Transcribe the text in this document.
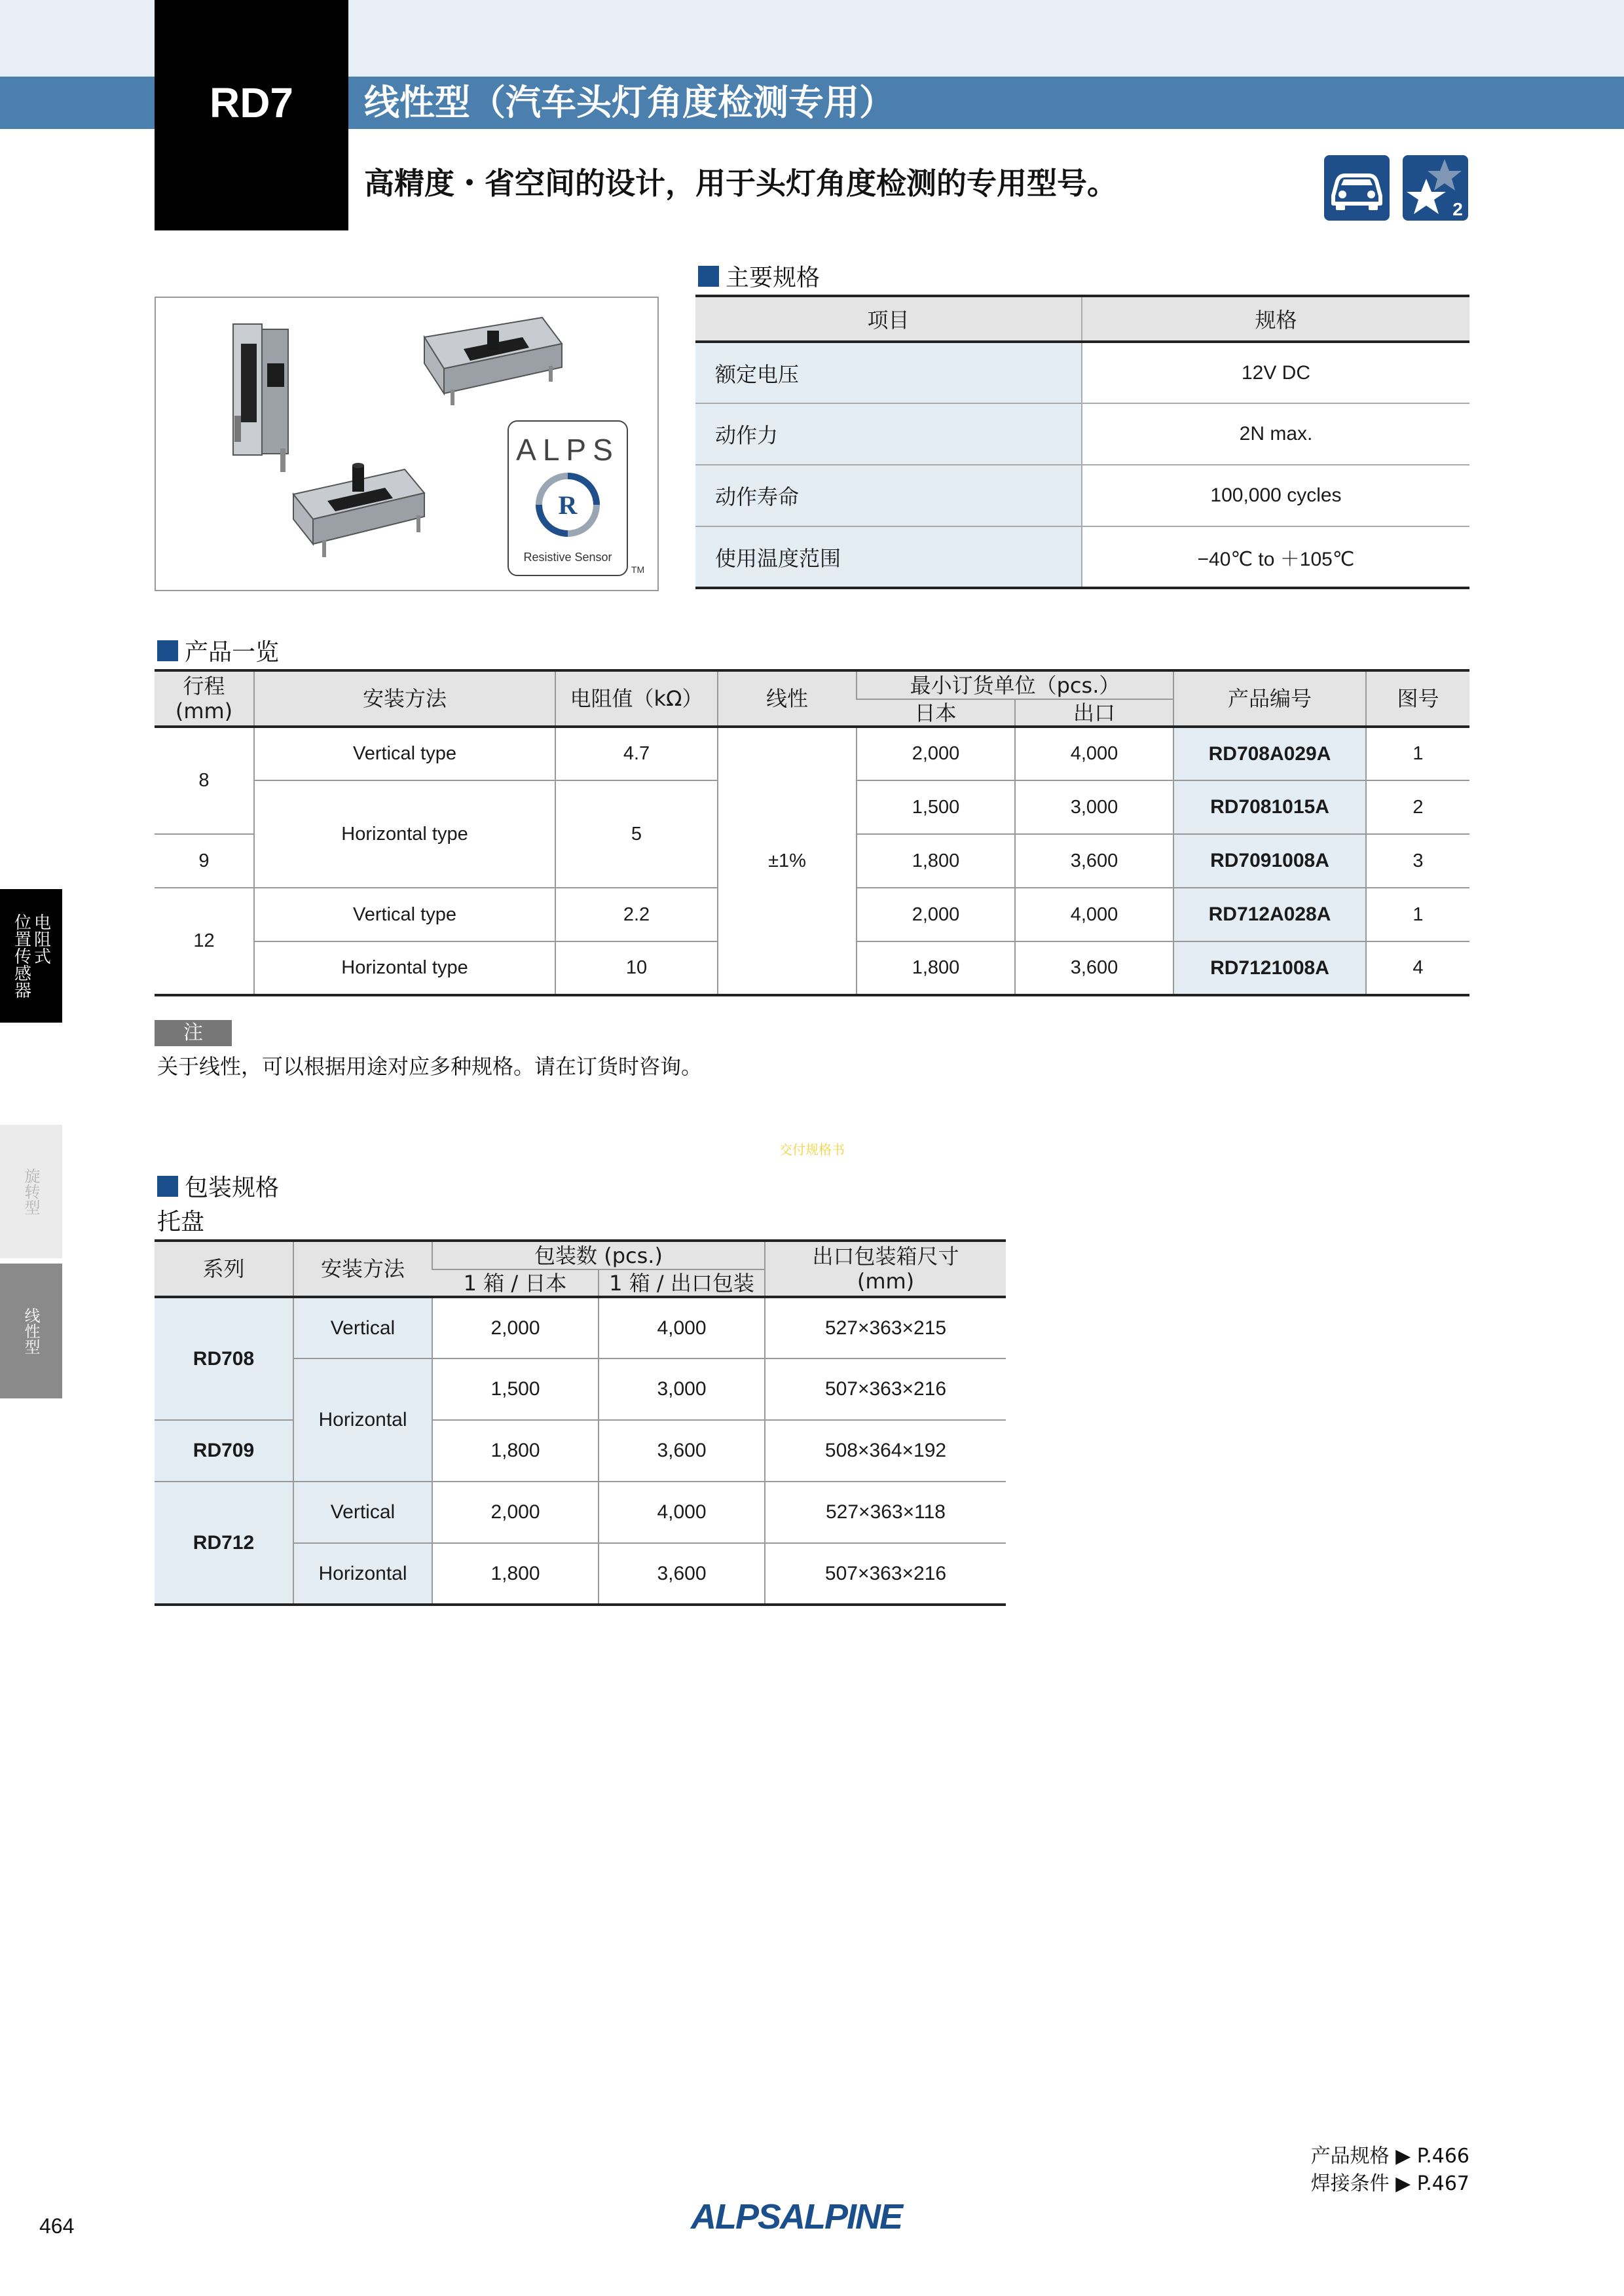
RD7	线性型（汽车头灯角度检测专用）
高精度・省空间的设计，用于头灯角度检测的专用型号。
2
ALPS
R
Resistive Sensor
TM
主要规格
项目	规格
额定电压	12V DC
动作力	2N max.
动作寿命	100,000 cycles
使用温度范围	−40℃ to ＋105℃
产品一览
行程
(mm)	安装方法	电阻值（kΩ）	线性	最小订货单位（pcs.）		产品编号	图号
				日本	出口		
8	Vertical type	4.7	±1%	2,000	4,000	RD708A029A	1
	Horizontal type	5		1,500	3,000	RD7081015A	2
9				1,800	3,600	RD7091008A	3
12	Vertical type	2.2		2,000	4,000	RD712A028A	1
	Horizontal type	10		1,800	3,600	RD7121008A	4
注
关于线性，可以根据用途对应多种规格。请在订货时咨询。
交付规格书
包装规格
托盘
系列	安装方法	包装数 (pcs.)		出口包装箱尺寸
(mm)
		1 箱 / 日本	1 箱 / 出口包装	
RD708	Vertical	2,000	4,000	527×363×215
	Horizontal	1,500	3,000	507×363×216
RD709		1,800	3,600	508×364×192
RD712	Vertical	2,000	4,000	527×363×118
	Horizontal	1,800	3,600	507×363×216
电阻式
位置传感器
旋转型
线性型
产品规格 ▶ P.466
焊接条件 ▶ P.467
464	ALPSALPINE
